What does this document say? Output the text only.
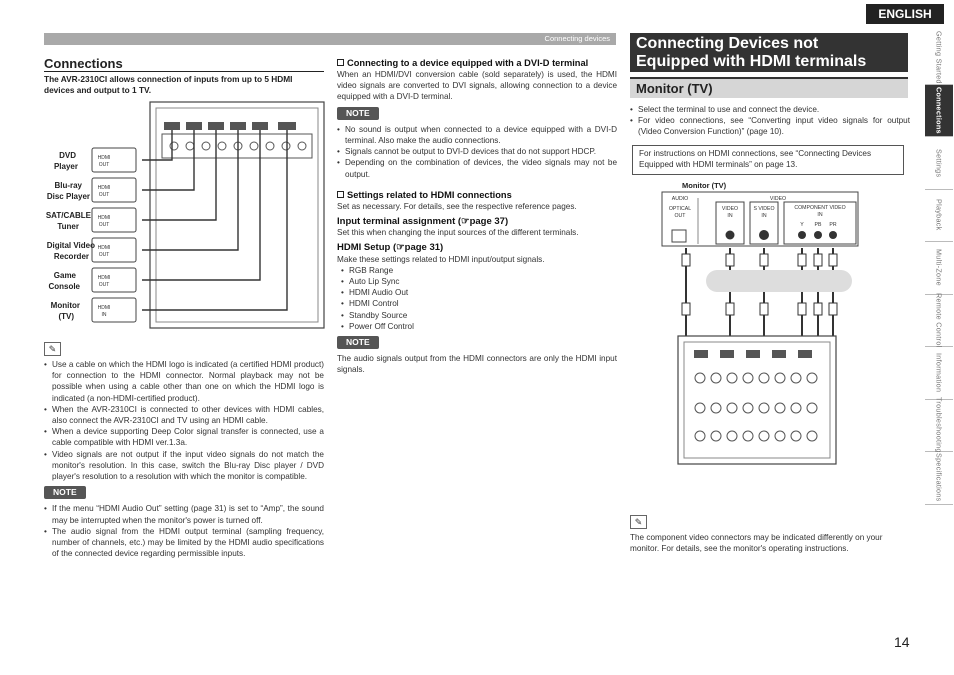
ENGLISH
Connecting devices
Connections
The AVR-2310CI allows connection of inputs from up to 5 HDMI devices and output to 1 TV.
DVD
Player
Blu-ray
Disc Player
SAT/CABLE
Tuner
Digital Video
Recorder
Game
Console
Monitor
(TV)
HDMI
OUT
HDMI
OUT
HDMI
OUT
HDMI
OUT
HDMI
OUT
HDMI
IN
✎
• Use a cable on which the HDMI logo is indicated (a certified HDMI product) for connection to the HDMI connector. Normal playback may not be possible when using a cable other than one on which the HDMI logo is indicated (a non-HDMI-certified product).
• When the AVR-2310CI is connected to other devices with HDMI cables, also connect the AVR-2310CI and TV using an HDMI cable.
• When a device supporting Deep Color signal transfer is connected, use a cable compatible with HDMI ver.1.3a.
• Video signals are not output if the input video signals do not match the monitor's resolution. In this case, switch the Blu-ray Disc player / DVD player's resolution to a resolution with which the monitor is compatible.
NOTE
• If the menu “HDMI Audio Out” setting (page 31) is set to “Amp”, the sound may be interrupted when the monitor's power is turned off.
• The audio signal from the HDMI output terminal (sampling frequency, number of channels, etc.) may be limited by the HDMI audio specifications of the connected device regarding permissible inputs.
Connecting to a device equipped with a DVI-D terminal
When an HDMI/DVI conversion cable (sold separately) is used, the HDMI video signals are converted to DVI signals, allowing connection to a device equipped with a DVI-D terminal.
NOTE
• No sound is output when connected to a device equipped with a DVI-D terminal. Also make the audio connections.
• Signals cannot be output to DVI-D devices that do not support HDCP.
• Depending on the combination of devices, the video signals may not be output.
Settings related to HDMI connections
Set as necessary. For details, see the respective reference pages.
Input terminal assignment (☞page 37)
Set this when changing the input sources of the different terminals.
HDMI Setup (☞page 31)
Make these settings related to HDMI input/output signals.
• RGB Range
• Auto Lip Sync
• HDMI Audio Out
• HDMI Control
• Standby Source
• Power Off Control
NOTE
The audio signals output from the HDMI connectors are only the HDMI input signals.
Connecting Devices not
Equipped with HDMI terminals
Monitor (TV)
• Select the terminal to use and connect the device.
• For video connections, see “Converting input video signals for output (Video Conversion Function)” (page 10).
For instructions on HDMI connections, see “Connecting Devices Equipped with HDMI terminals” on page 13.
Monitor (TV)
AUDIO	VIDEO
OPTICAL
OUT
VIDEO
IN
S VIDEO
IN
COMPONENT VIDEO
IN
Y PB PR
✎
The component video connectors may be indicated differently on your monitor. For details, see the monitor's operating instructions.
Getting Started
Connections
Settings
Playback
Multi-Zone
Remote Control
Information
Troubleshooting
Specifications
14
